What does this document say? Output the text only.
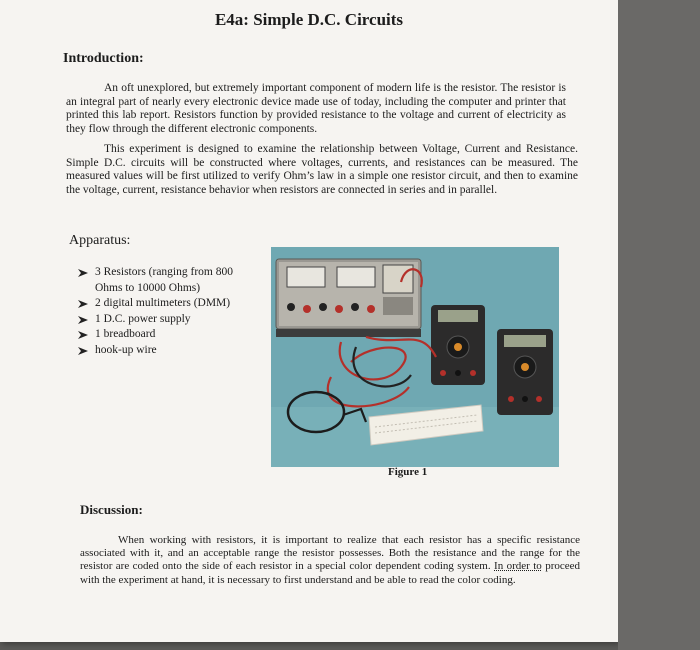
E4a: Simple D.C. Circuits
Introduction:
An oft unexplored, but extremely important component of modern life is the resistor. The resistor is an integral part of nearly every electronic device made use of today, including the computer and printer that printed this lab report. Resistors function by provided resistance to the voltage and current of electricity as they flow through the different electronic components.
This experiment is designed to examine the relationship between Voltage, Current and Resistance. Simple D.C. circuits will be constructed where voltages, currents, and resistances can be measured. The measured values will be first utilized to verify Ohm’s law in a simple one resistor circuit, and then to examine the voltage, current, resistance behavior when resistors are connected in series and in parallel.
Apparatus:
3 Resistors (ranging from 800 Ohms to 10000 Ohms)
2 digital multimeters (DMM)
1 D.C. power supply
1 breadboard
hook-up wire
Figure 1
Discussion:
When working with resistors, it is important to realize that each resistor has a specific resistance associated with it, and an acceptable range the resistor possesses. Both the resistance and the range for the resistor are coded onto the side of each resistor in a special color dependent coding system. In order to proceed with the experiment at hand, it is necessary to first understand and be able to read the color coding.
